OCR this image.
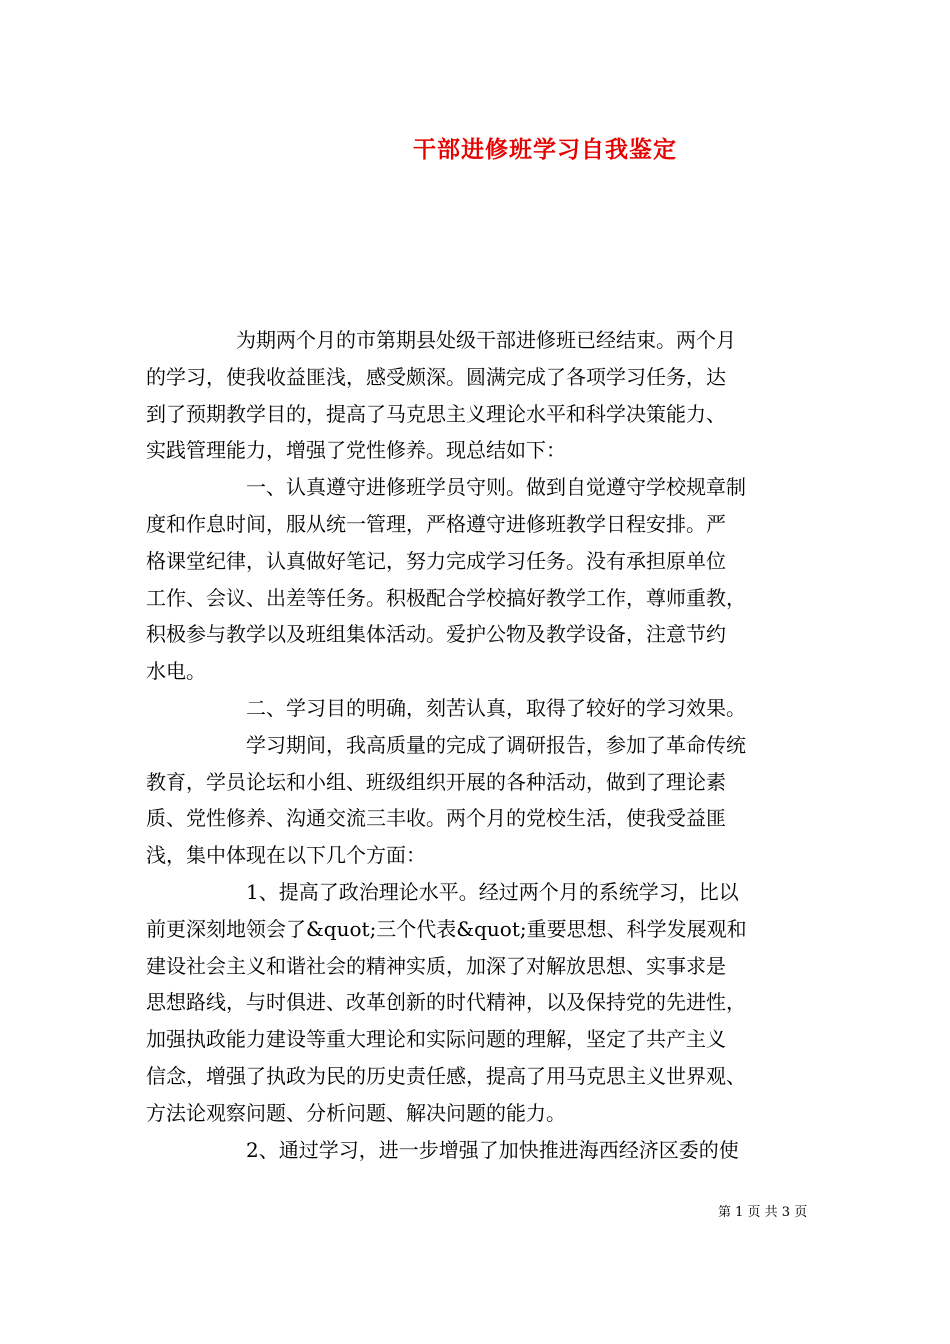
干部进修班学习自我鉴定
为期两个月的市第期县处级干部进修班已经结束。两个月
的学习，使我收益匪浅，感受颇深。圆满完成了各项学习任务，达
到了预期教学目的，提高了马克思主义理论水平和科学决策能力、
实践管理能力，增强了党性修养。现总结如下：
一、认真遵守进修班学员守则。做到自觉遵守学校规章制
度和作息时间，服从统一管理，严格遵守进修班教学日程安排。严
格课堂纪律，认真做好笔记，努力完成学习任务。没有承担原单位
工作、会议、出差等任务。积极配合学校搞好教学工作，尊师重教，
积极参与教学以及班组集体活动。爱护公物及教学设备，注意节约
水电。
二、学习目的明确，刻苦认真，取得了较好的学习效果。
学习期间，我高质量的完成了调研报告，参加了革命传统
教育，学员论坛和小组、班级组织开展的各种活动，做到了理论素
质、党性修养、沟通交流三丰收。两个月的党校生活，使我受益匪
浅，集中体现在以下几个方面：
1、提高了政治理论水平。经过两个月的系统学习，比以
前更深刻地领会了&quot;三个代表&quot;重要思想、科学发展观和
建设社会主义和谐社会的精神实质，加深了对解放思想、实事求是
思想路线，与时俱进、改革创新的时代精神，以及保持党的先进性，
加强执政能力建设等重大理论和实际问题的理解，坚定了共产主义
信念，增强了执政为民的历史责任感，提高了用马克思主义世界观、
方法论观察问题、分析问题、解决问题的能力。
2、通过学习，进一步增强了加快推进海西经济区委的使
第 1 页 共 3 页
